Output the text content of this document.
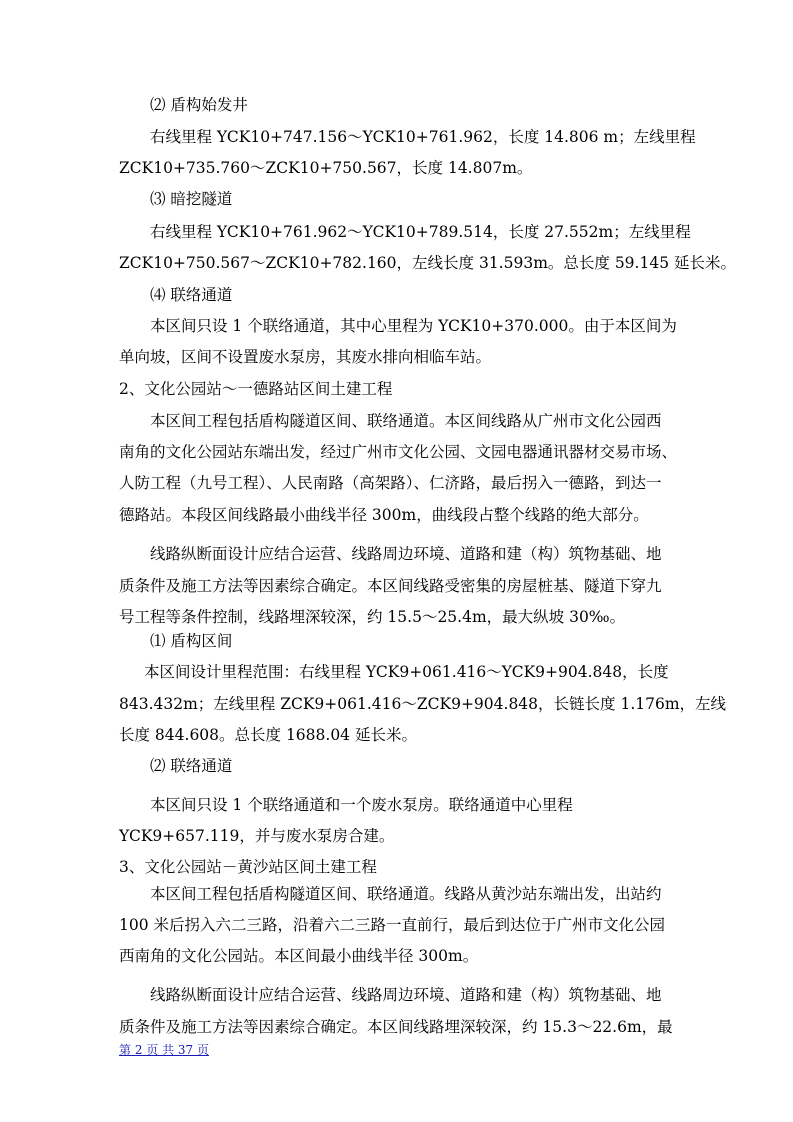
⑵ 盾构始发井
右线里程 YCK10+747.156～YCK10+761.962，长度 14.806 m；左线里程
ZCK10+735.760～ZCK10+750.567，长度 14.807m。
⑶ 暗挖隧道
右线里程 YCK10+761.962～YCK10+789.514，长度 27.552m；左线里程
ZCK10+750.567～ZCK10+782.160，左线长度 31.593m。总长度 59.145 延长米。
⑷ 联络通道
本区间只设 1 个联络通道，其中心里程为 YCK10+370.000。由于本区间为
单向坡，区间不设置废水泵房，其废水排向相临车站。
2、文化公园站～一德路站区间土建工程
本区间工程包括盾构隧道区间、联络通道。本区间线路从广州市文化公园西
南角的文化公园站东端出发，经过广州市文化公园、文园电器通讯器材交易市场、
人防工程（九号工程）、人民南路（高架路）、仁济路，最后拐入一德路，到达一
德路站。本段区间线路最小曲线半径 300m，曲线段占整个线路的绝大部分。
线路纵断面设计应结合运营、线路周边环境、道路和建（构）筑物基础、地
质条件及施工方法等因素综合确定。本区间线路受密集的房屋桩基、隧道下穿九
号工程等条件控制，线路埋深较深，约 15.5～25.4m，最大纵坡 30‰。
⑴ 盾构区间
本区间设计里程范围：右线里程 YCK9+061.416～YCK9+904.848，长度
843.432m；左线里程 ZCK9+061.416～ZCK9+904.848，长链长度 1.176m，左线
长度 844.608。总长度 1688.04 延长米。
⑵ 联络通道
本区间只设 1 个联络通道和一个废水泵房。联络通道中心里程
YCK9+657.119，并与废水泵房合建。
3、文化公园站－黄沙站区间土建工程
本区间工程包括盾构隧道区间、联络通道。线路从黄沙站东端出发，出站约
100 米后拐入六二三路，沿着六二三路一直前行，最后到达位于广州市文化公园
西南角的文化公园站。本区间最小曲线半径 300m。
线路纵断面设计应结合运营、线路周边环境、道路和建（构）筑物基础、地
质条件及施工方法等因素综合确定。本区间线路埋深较深，约 15.3～22.6m，最
第 2 页 共 37 页
